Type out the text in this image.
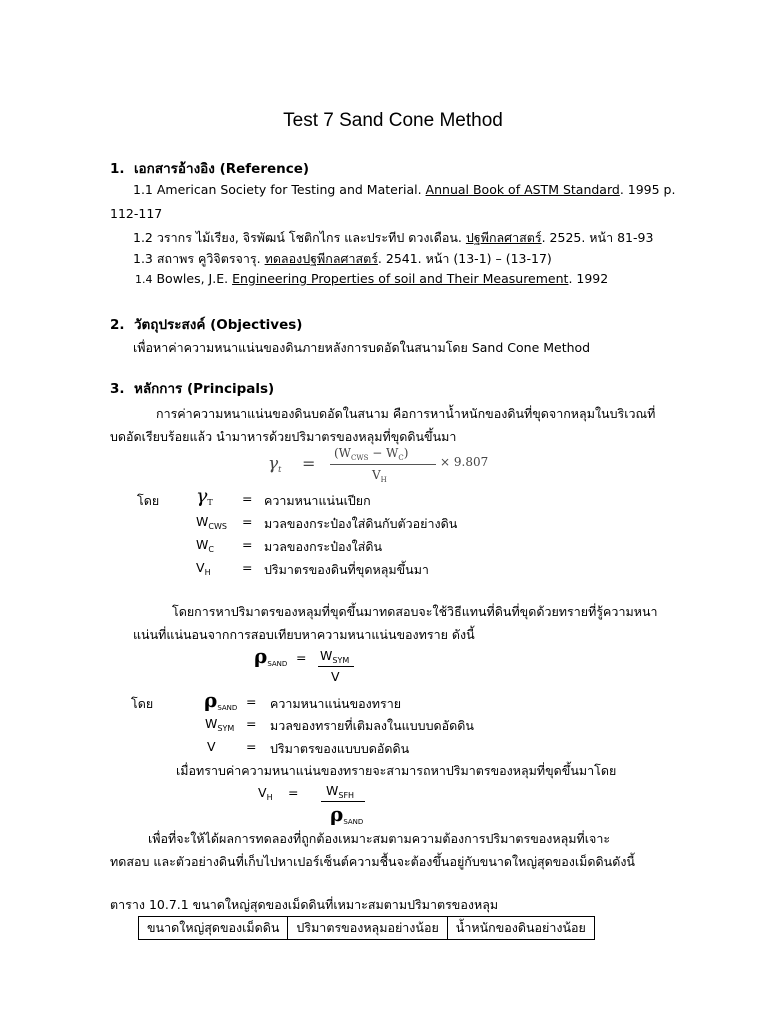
Test 7 Sand Cone Method
1. เอกสารอ้างอิง (Reference)
1.1 American Society for Testing and Material. Annual Book of ASTM Standard. 1995 p.
112-117
1.2 วรากร ไม้เรียง, จิรพัฒน์ โชติกไกร และประทีป ดวงเดือน. ปฐพีกลศาสตร์. 2525. หน้า 81-93
1.3 สถาพร คูวิจิตรจารุ. ทดลองปฐพีกลศาสตร์. 2541. หน้า (13-1) – (13-17)
1.4 Bowles, J.E. Engineering Properties of soil and Their Measurement. 1992
2. วัตถุประสงค์ (Objectives)
เพื่อหาค่าความหนาแน่นของดินภายหลังการบดอัดในสนามโดย Sand Cone Method
3. หลักการ (Principals)
การค่าความหนาแน่นของดินบดอัดในสนาม คือการหาน้ำหนักของดินที่ขุดจากหลุมในบริเวณที่
บดอัดเรียบร้อยแล้ว นำมาหารด้วยปริมาตรของหลุมที่ขุดดินขึ้นมา
$\gamma_t$ =
$(W_{CWS} - W_C)$
$V_H$
× 9.807
โดย $\gamma_T$ = ความหนาแน่นเปียก
$W_{CWS}$ = มวลของกระป๋องใส่ดินกับตัวอย่างดิน
$W_C$ = มวลของกระป๋องใส่ดิน
$V_H$	= ปริมาตรของดินที่ขุดหลุมขึ้นมา
โดยการหาปริมาตรของหลุมที่ขุดขึ้นมาทดสอบจะใช้วิธีแทนที่ดินที่ขุดด้วยทรายที่รู้ความหนา
แน่นที่แน่นอนจากการสอบเทียบหาความหนาแน่นของทราย ดังนี้
$\rho_{SAND} = W_{SYM}$
V
โดย	$\rho_{SAND}$ = ความหนาแน่นของทราย
$W_{SYM}$ = มวลของทรายที่เติมลงในแบบบดอัดดิน
V = ปริมาตรของแบบบดอัดดิน
เมื่อทราบค่าความหนาแน่นของทรายจะสามารถหาปริมาตรของหลุมที่ขุดขึ้นมาโดย
$V_H = W_{SFH}$
$\rho_{SAND}$
เพื่อที่จะให้ได้ผลการทดลองที่ถูกต้องเหมาะสมตามความต้องการปริมาตรของหลุมที่เจาะ
ทดสอบ และตัวอย่างดินที่เก็บไปหาเปอร์เซ็นต์ความชื้นจะต้องขึ้นอยู่กับขนาดใหญ่สุดของเม็ดดินดังนี้
ตาราง 10.7.1 ขนาดใหญ่สุดของเม็ดดินที่เหมาะสมตามปริมาตรของหลุม
ขนาดใหญ่สุดของเม็ดดิน	ปริมาตรของหลุมอย่างน้อย	น้ำหนักของดินอย่างน้อย
